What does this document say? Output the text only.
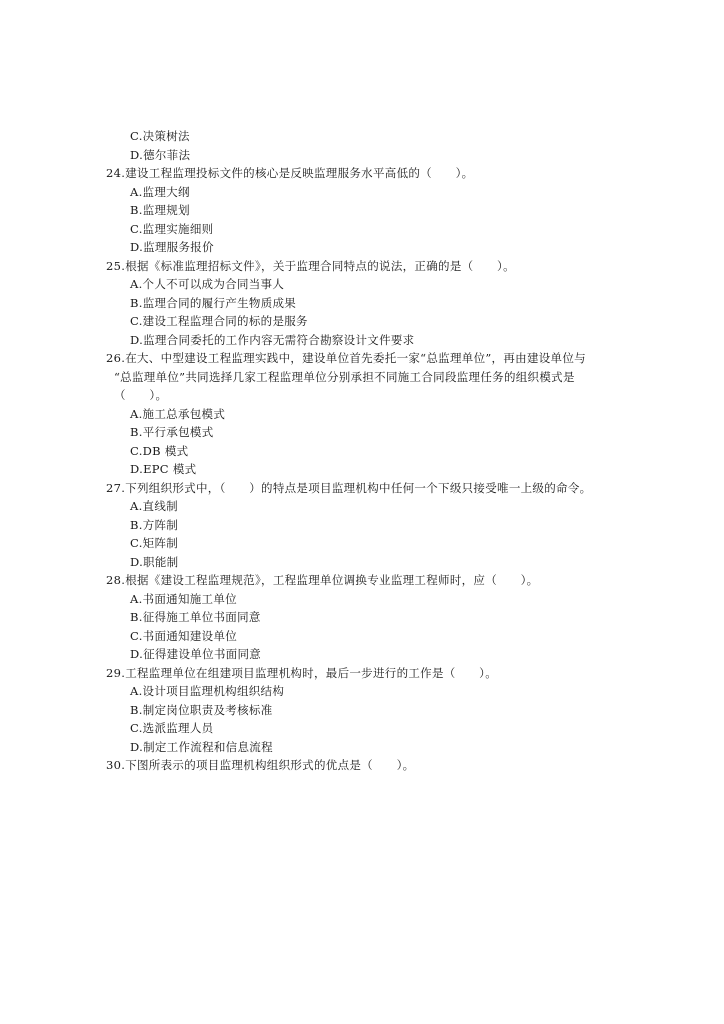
C.决策树法
D.德尔菲法
24.建设工程监理投标文件的核心是反映监理服务水平高低的（　　）。
A.监理大纲
B.监理规划
C.监理实施细则
D.监理服务报价
25.根据《标准监理招标文件》，关于监理合同特点的说法，正确的是（　　）。
A.个人不可以成为合同当事人
B.监理合同的履行产生物质成果
C.建设工程监理合同的标的是服务
D.监理合同委托的工作内容无需符合勘察设计文件要求
26.在大、中型建设工程监理实践中，建设单位首先委托一家“总监理单位”，再由建设单位与
“总监理单位”共同选择几家工程监理单位分别承担不同施工合同段监理任务的组织模式是
（　　）。
A.施工总承包模式
B.平行承包模式
C.DB 模式
D.EPC 模式
27.下列组织形式中，（　　）的特点是项目监理机构中任何一个下级只接受唯一上级的命令。
A.直线制
B.方阵制
C.矩阵制
D.职能制
28.根据《建设工程监理规范》，工程监理单位调换专业监理工程师时，应（　　）。
A.书面通知施工单位
B.征得施工单位书面同意
C.书面通知建设单位
D.征得建设单位书面同意
29.工程监理单位在组建项目监理机构时，最后一步进行的工作是（　　）。
A.设计项目监理机构组织结构
B.制定岗位职责及考核标准
C.选派监理人员
D.制定工作流程和信息流程
30.下图所表示的项目监理机构组织形式的优点是（　　）。
